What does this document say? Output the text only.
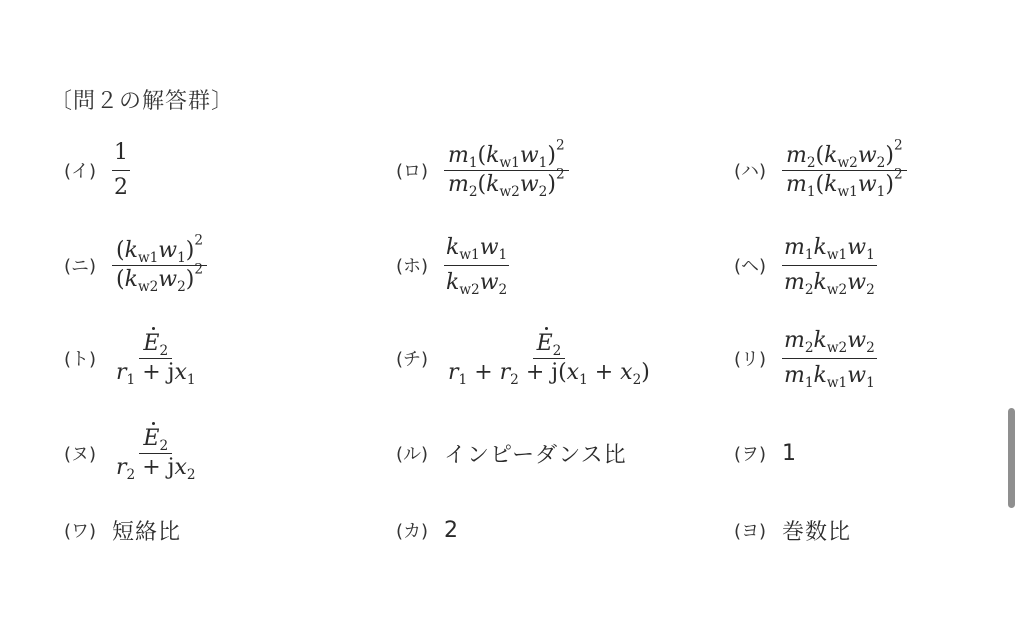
〔問２の解答群〕
(イ) $\frac{1}{2}$	(ロ) $\frac{m_1(k_{w1}w_1)^2}{m_2(k_{w2}w_2)^2}$	(ハ) $\frac{m_2(k_{w2}w_2)^2}{m_1(k_{w1}w_1)^2}$
(ニ) $\frac{(k_{w1}w_1)^2}{(k_{w2}w_2)^2}$	(ホ) $\frac{k_{w1}w_1}{k_{w2}w_2}$	(ヘ) $\frac{m_1k_{w1}w_1}{m_2k_{w2}w_2}$
(ト) $\frac{E_2}{r_1 + jx_1}$	(チ) $\frac{E_2}{r_1 + r_2 + j(x_1 + x_2)}$	(リ) $\frac{m_2k_{w2}w_2}{m_1k_{w1}w_1}$
(ヌ) $\frac{E_2}{r_2 + jx_2}$	(ル) インピーダンス比	(ヲ) 1
(ワ) 短絡比	(カ) 2	(ヨ) 巻数比
